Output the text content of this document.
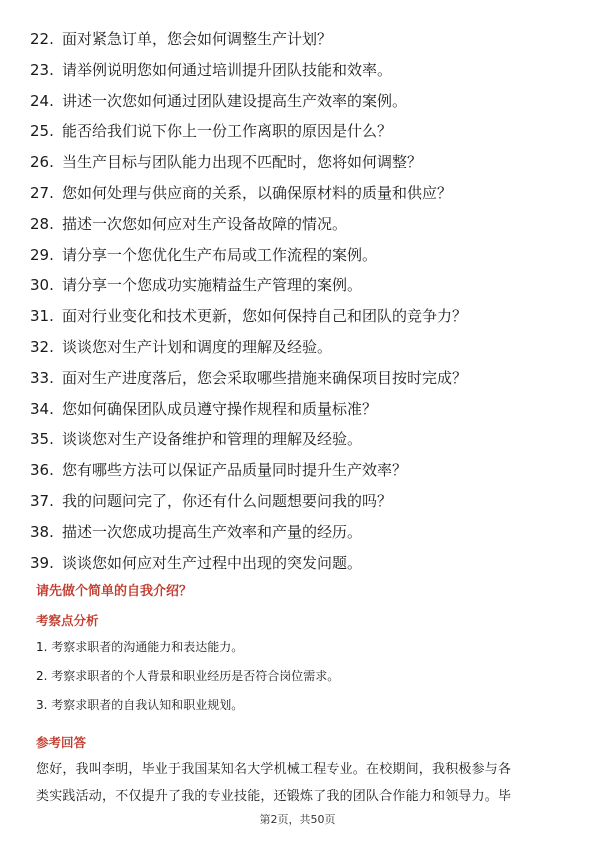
22. 面对紧急订单，您会如何调整生产计划？
23. 请举例说明您如何通过培训提升团队技能和效率。
24. 讲述一次您如何通过团队建设提高生产效率的案例。
25. 能否给我们说下你上一份工作离职的原因是什么？
26. 当生产目标与团队能力出现不匹配时，您将如何调整？
27. 您如何处理与供应商的关系，以确保原材料的质量和供应？
28. 描述一次您如何应对生产设备故障的情况。
29. 请分享一个您优化生产布局或工作流程的案例。
30. 请分享一个您成功实施精益生产管理的案例。
31. 面对行业变化和技术更新，您如何保持自己和团队的竞争力？
32. 谈谈您对生产计划和调度的理解及经验。
33. 面对生产进度落后，您会采取哪些措施来确保项目按时完成？
34. 您如何确保团队成员遵守操作规程和质量标准？
35. 谈谈您对生产设备维护和管理的理解及经验。
36. 您有哪些方法可以保证产品质量同时提升生产效率？
37. 我的问题问完了，你还有什么问题想要问我的吗？
38. 描述一次您成功提高生产效率和产量的经历。
39. 谈谈您如何应对生产过程中出现的突发问题。
请先做个简单的自我介绍？
考察点分析
1. 考察求职者的沟通能力和表达能力。
2. 考察求职者的个人背景和职业经历是否符合岗位需求。
3. 考察求职者的自我认知和职业规划。
参考回答

您好，我叫李明，毕业于我国某知名大学机械工程专业。在校期间，我积极参与各
类实践活动，不仅提升了我的专业技能，还锻炼了我的团队合作能力和领导力。毕

第2页，共50页
